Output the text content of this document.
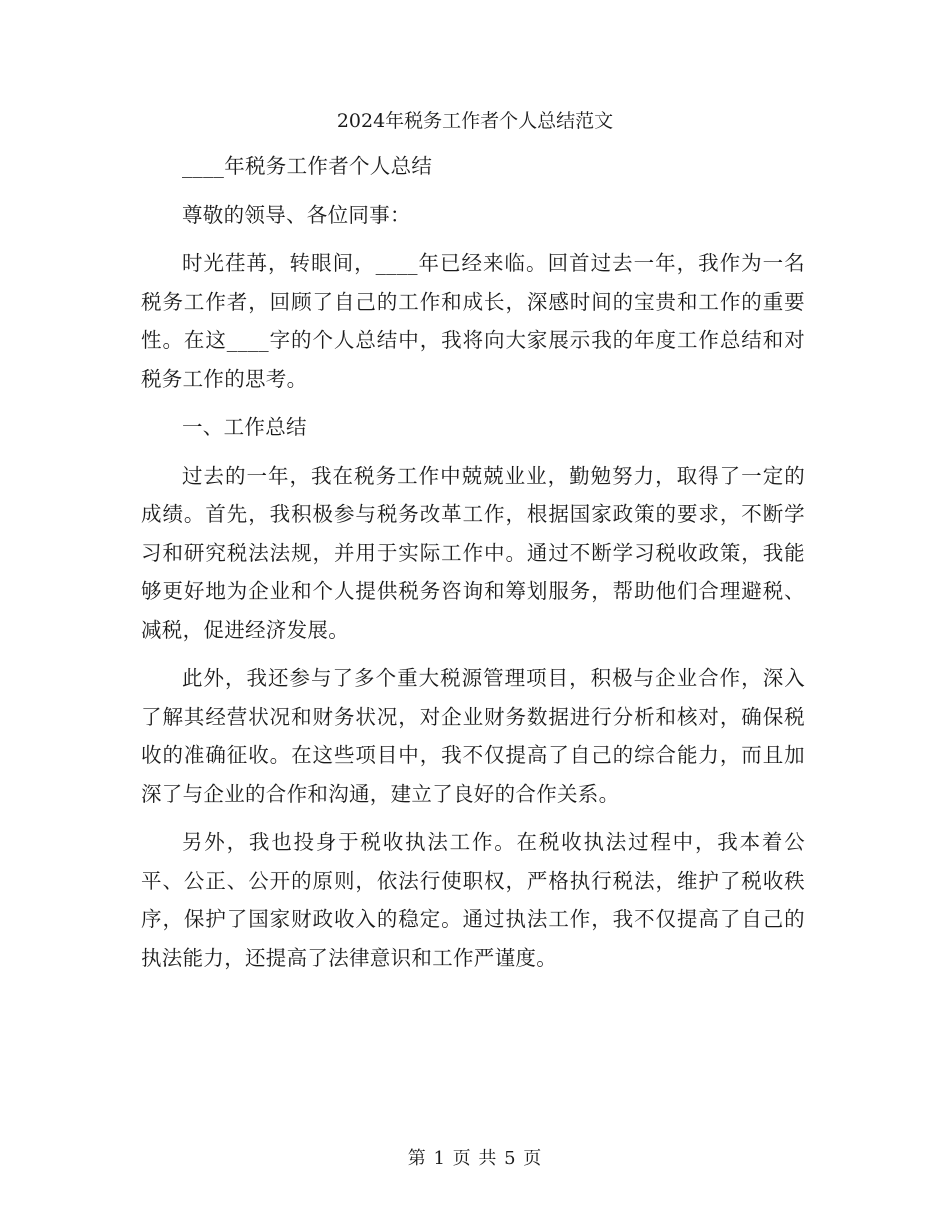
2024年税务工作者个人总结范文

____年税务工作者个人总结

尊敬的领导、各位同事：

时光荏苒，转眼间，____年已经来临。回首过去一年，我作为一名税务工作者，回顾了自己的工作和成长，深感时间的宝贵和工作的重要性。在这____字的个人总结中，我将向大家展示我的年度工作总结和对税务工作的思考。

一、工作总结

过去的一年，我在税务工作中兢兢业业，勤勉努力，取得了一定的成绩。首先，我积极参与税务改革工作，根据国家政策的要求，不断学习和研究税法法规，并用于实际工作中。通过不断学习税收政策，我能够更好地为企业和个人提供税务咨询和筹划服务，帮助他们合理避税、减税，促进经济发展。

此外，我还参与了多个重大税源管理项目，积极与企业合作，深入了解其经营状况和财务状况，对企业财务数据进行分析和核对，确保税收的准确征收。在这些项目中，我不仅提高了自己的综合能力，而且加深了与企业的合作和沟通，建立了良好的合作关系。

另外，我也投身于税收执法工作。在税收执法过程中，我本着公平、公正、公开的原则，依法行使职权，严格执行税法，维护了税收秩序，保护了国家财政收入的稳定。通过执法工作，我不仅提高了自己的执法能力，还提高了法律意识和工作严谨度。

第 1 页 共 5 页
